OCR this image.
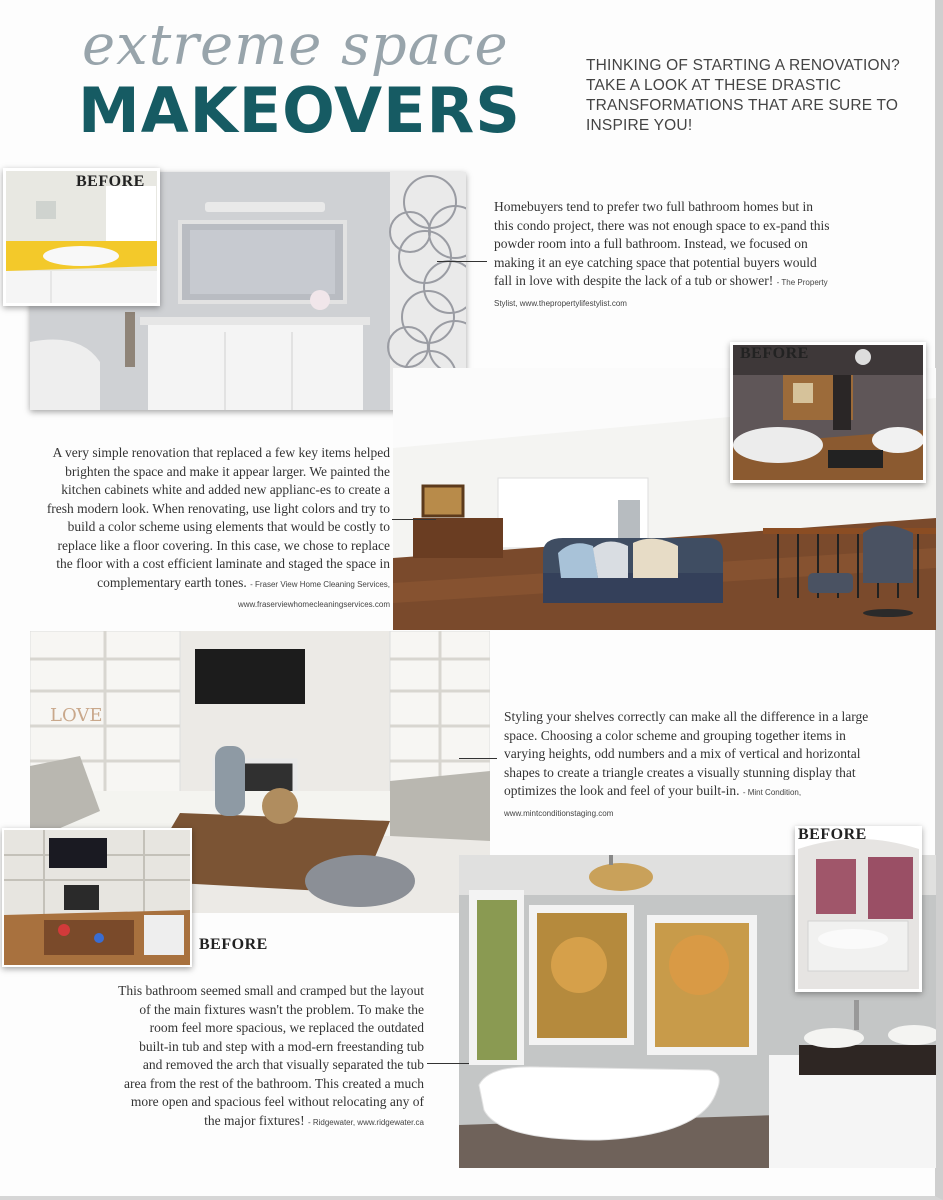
extreme space
MAKEOVERS
THINKING OF STARTING A RENOVATION? TAKE A LOOK AT THESE DRASTIC TRANSFORMATIONS THAT ARE SURE TO INSPIRE YOU!
BEFORE
Homebuyers tend to prefer two full bathroom homes but in this condo project, there was not enough space to ex-pand this powder room into a full bathroom. Instead, we focused on making it an eye catching space that potential buyers would fall in love with despite the lack of a tub or shower! - The Property Stylist, www.thepropertylifestylist.com
BEFORE
A very simple renovation that replaced a few key items helped brighten the space and make it appear larger. We painted the kitchen cabinets white and added new applianc-es to create a fresh modern look. When renovating, use light colors and try to build a color scheme using elements that would be costly to replace like a floor covering. In this case, we chose to replace the floor with a cost efficient laminate and staged the space in complementary earth tones. - Fraser View Home Cleaning Services, www.fraserviewhomecleaningservices.com
LOVE
BEFORE
Styling your shelves correctly can make all the difference in a large space. Choosing a color scheme and grouping together items in varying heights, odd numbers and a mix of vertical and horizontal shapes to create a triangle creates a visually stunning display that optimizes the look and feel of your built-in. - Mint Condition, www.mintconditionstaging.com
BEFORE
This bathroom seemed small and cramped but the layout of the main fixtures wasn't the problem. To make the room feel more spacious, we replaced the outdated built-in tub and step with a mod-ern freestanding tub and removed the arch that visually separated the tub area from the rest of the bathroom. This created a much more open and spacious feel without relocating any of the major fixtures! - Ridgewater, www.ridgewater.ca
